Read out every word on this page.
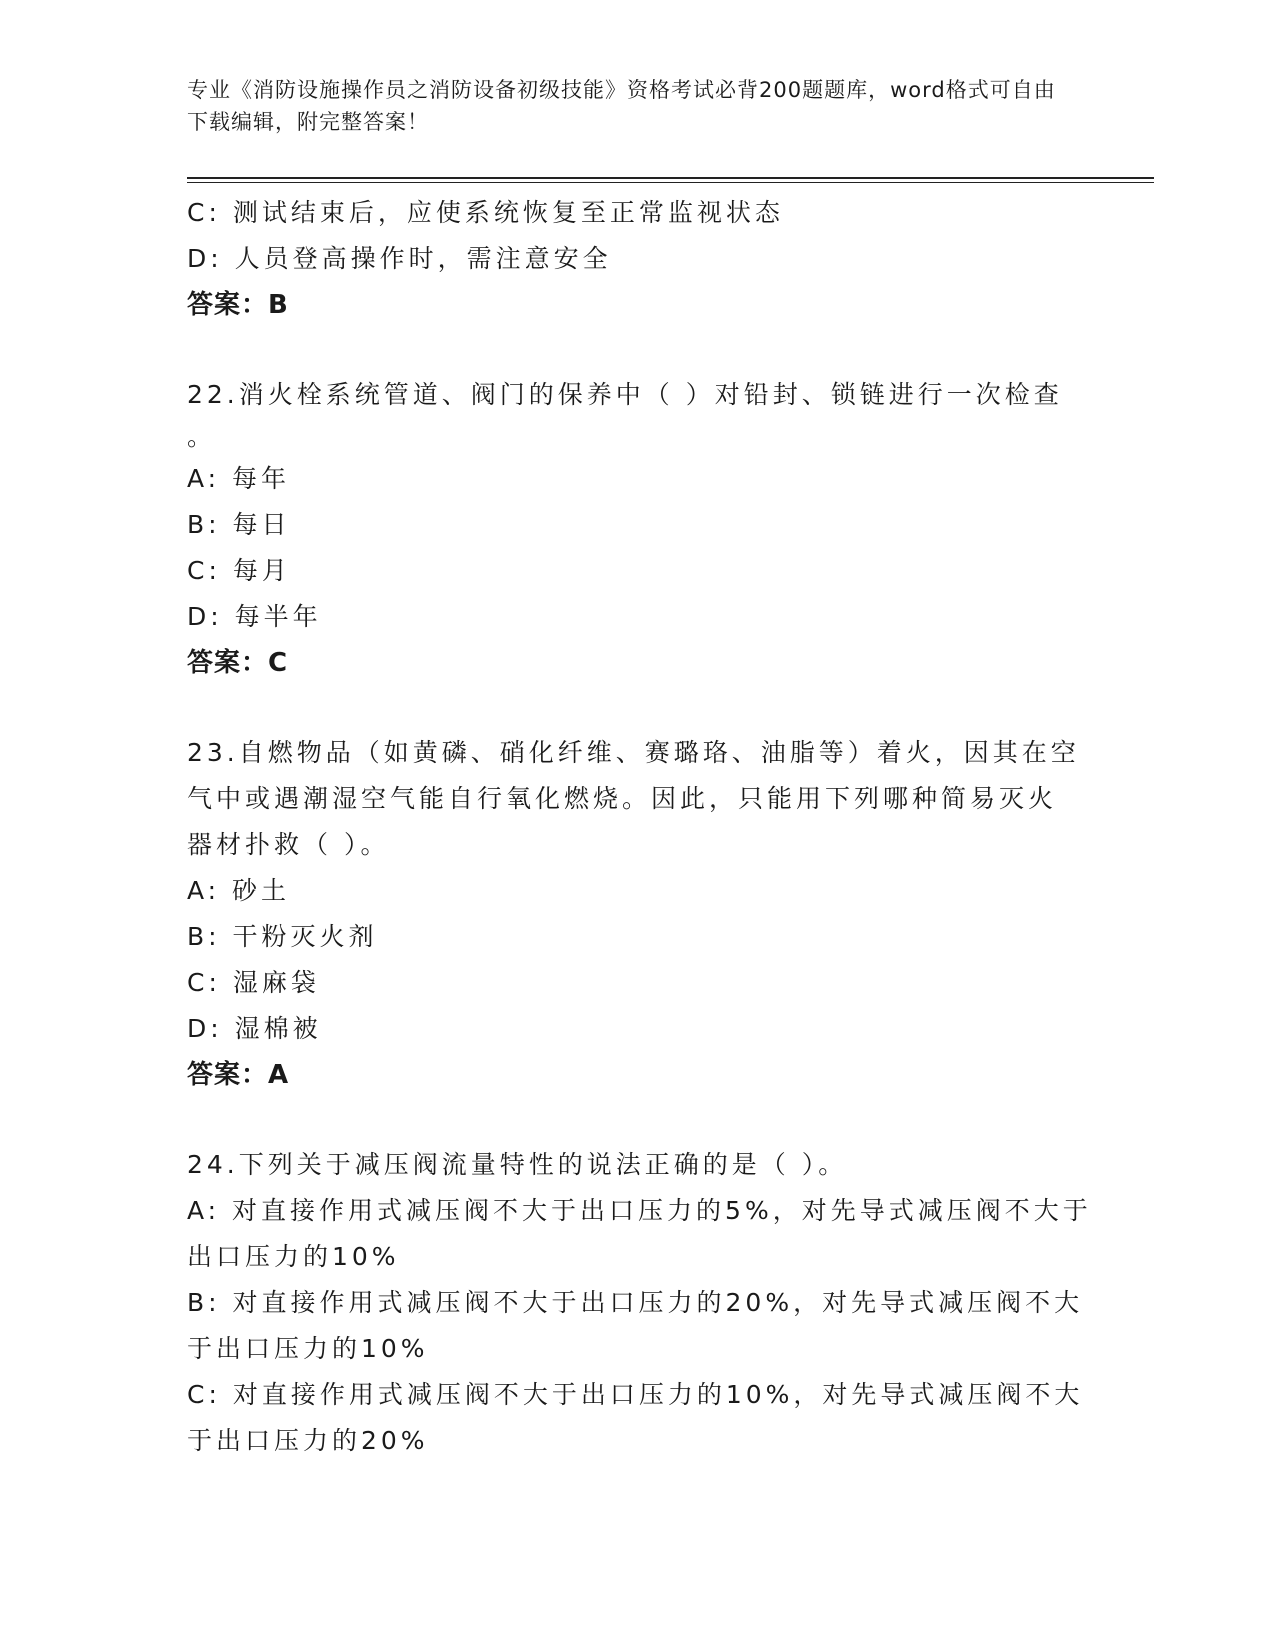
专业《消防设施操作员之消防设备初级技能》资格考试必背200题题库，word格式可自由下载编辑，附完整答案！
C: 测试结束后，应使系统恢复至正常监视状态
D: 人员登高操作时，需注意安全
答案：B
22.消火栓系统管道、阀门的保养中（ ）对铅封、锁链进行一次检查
。
A: 每年
B: 每日
C: 每月
D: 每半年
答案：C
23.自燃物品（如黄磷、硝化纤维、赛璐珞、油脂等）着火，因其在空
气中或遇潮湿空气能自行氧化燃烧。因此，只能用下列哪种简易灭火
器材扑救（ ）。
A: 砂土
B: 干粉灭火剂
C: 湿麻袋
D: 湿棉被
答案：A
24.下列关于减压阀流量特性的说法正确的是（ ）。
A: 对直接作用式减压阀不大于出口压力的5%，对先导式减压阀不大于
出口压力的10%
B: 对直接作用式减压阀不大于出口压力的20%，对先导式减压阀不大
于出口压力的10%
C: 对直接作用式减压阀不大于出口压力的10%，对先导式减压阀不大
于出口压力的20%
